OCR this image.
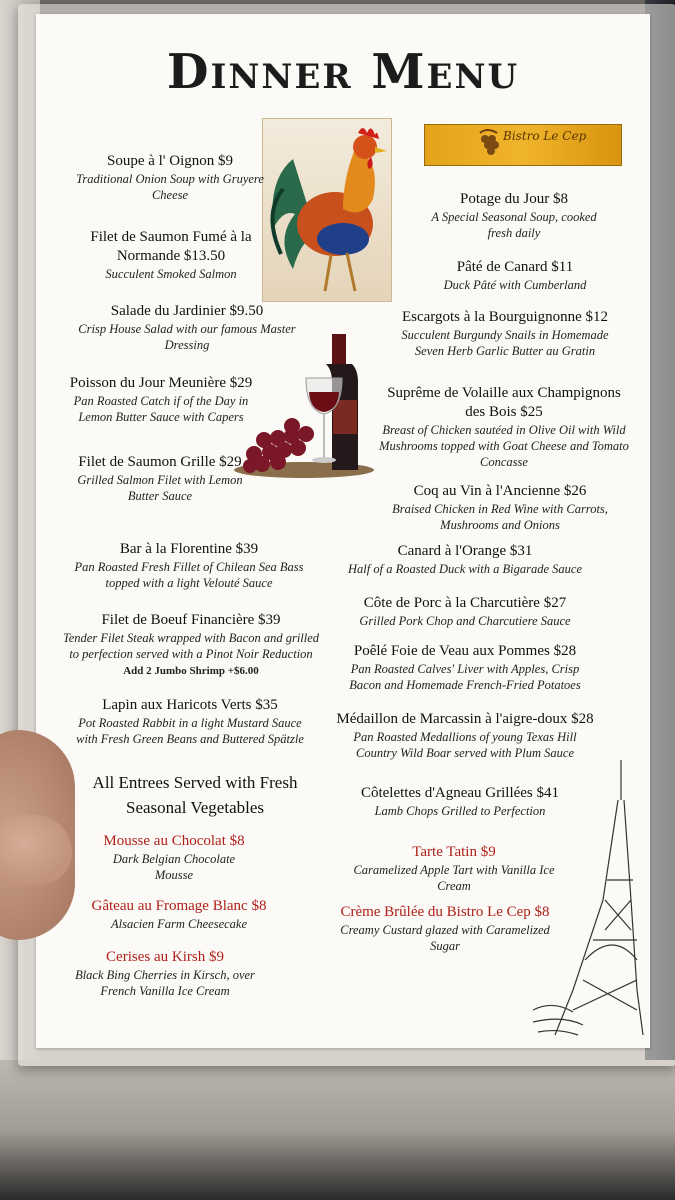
Dinner Menu
Bistro Le Cep
Soupe à l' Oignon $9
Traditional Onion Soup with Gruyere Cheese
Filet de Saumon Fumé à la Normande $13.50
Succulent Smoked Salmon
Salade du Jardinier $9.50
Crisp House Salad with our famous Master Dressing
Poisson du Jour Meunière $29
Pan Roasted Catch if of the Day in Lemon Butter Sauce with Capers
Filet de Saumon Grille $29
Grilled Salmon Filet with Lemon Butter Sauce
Bar à la Florentine $39
Pan Roasted Fresh Fillet of Chilean Sea Bass topped with a light Velouté Sauce
Filet de Boeuf Financière $39
Tender Filet Steak wrapped with Bacon and grilled to perfection served with a Pinot Noir Reduction Add 2 Jumbo Shrimp +$6.00
Lapin aux Haricots Verts $35
Pot Roasted Rabbit in a light Mustard Sauce with Fresh Green Beans and Buttered Spätzle
All Entrees Served with Fresh Seasonal Vegetables
Mousse au Chocolat $8
Dark Belgian Chocolate Mousse
Gâteau au Fromage Blanc $8
Alsacien Farm Cheesecake
Cerises au Kirsh $9
Black Bing Cherries in Kirsch, over French Vanilla Ice Cream
Potage du Jour $8
A Special Seasonal Soup, cooked fresh daily
Pâté de Canard $11
Duck Pâté with Cumberland
Escargots à la Bourguignonne $12
Succulent Burgundy Snails in Homemade Seven Herb Garlic Butter au Gratin
Suprême de Volaille aux Champignons des Bois $25
Breast of Chicken sautéed in Olive Oil with Wild Mushrooms topped with Goat Cheese and Tomato Concasse
Coq au Vin à l'Ancienne $26
Braised Chicken in Red Wine with Carrots, Mushrooms and Onions
Canard à l'Orange $31
Half of a Roasted Duck with a Bigarade Sauce
Côte de Porc à la Charcutière $27
Grilled Pork Chop and Charcutiere Sauce
Poêlé Foie de Veau aux Pommes $28
Pan Roasted Calves' Liver with Apples, Crisp Bacon and Homemade French-Fried Potatoes
Médaillon de Marcassin à l'aigre-doux $28
Pan Roasted Medallions of young Texas Hill Country Wild Boar served with Plum Sauce
Côtelettes d'Agneau Grillées $41
Lamb Chops Grilled to Perfection
Tarte Tatin $9
Caramelized Apple Tart with Vanilla Ice Cream
Crème Brûlée du Bistro Le Cep $8
Creamy Custard glazed with Caramelized Sugar
